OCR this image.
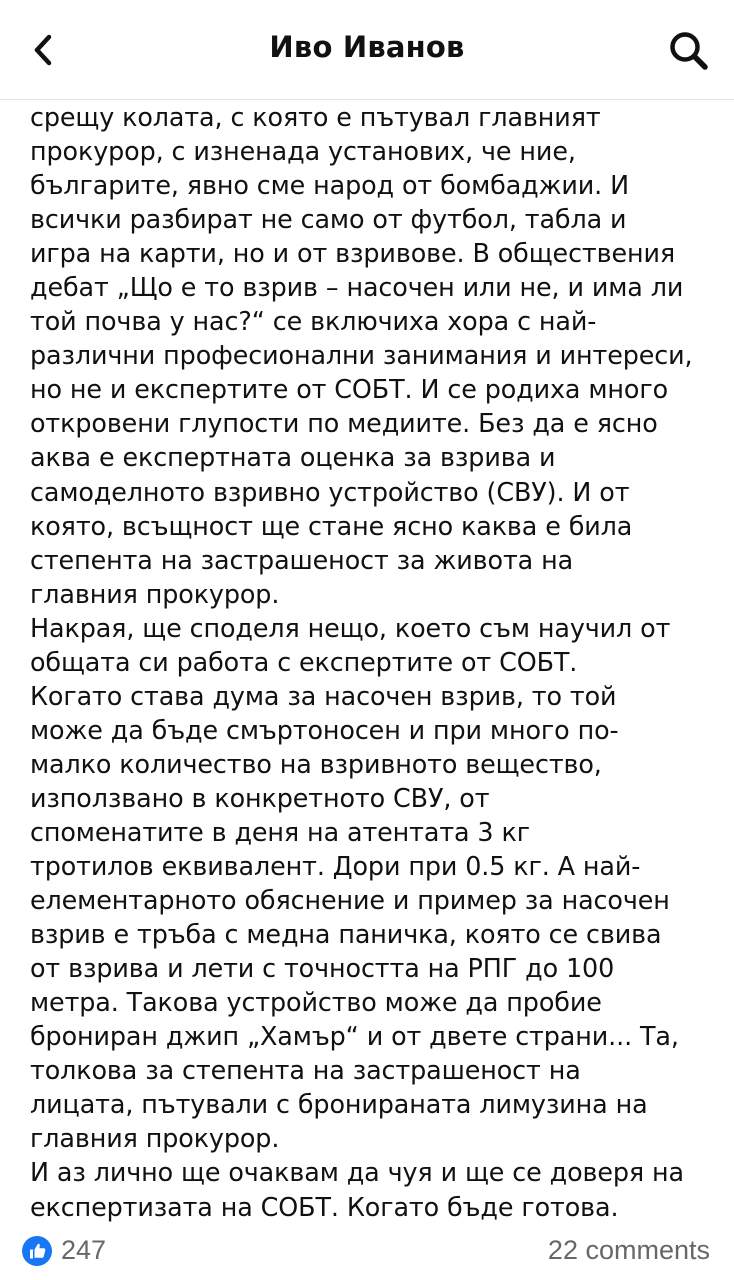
Иво Иванов
срещу колата, с която е пътувал главният
прокурор, с изненада установих, че ние,
българите, явно сме народ от бомбаджии. И
всички разбират не само от футбол, табла и
игра на карти, но и от взривове. В обществения
дебат „Що е то взрив – насочен или не, и има ли
той почва у нас?“ се включиха хора с най-
различни професионални занимания и интереси,
но не и експертите от СОБТ. И се родиха много
откровени глупости по медиите. Без да е ясно
аква е експертната оценка за взрива и
самоделното взривно устройство (СВУ). И от
която, всъщност ще стане ясно каква е била
степента на застрашеност за живота на
главния прокурор.
Накрая, ще споделя нещо, което съм научил от
общата си работа с експертите от СОБТ.
Когато става дума за насочен взрив, то той
може да бъде смъртоносен и при много по-
малко количество на взривното вещество,
използвано в конкретното СВУ, от
споменатите в деня на атентата 3 кг
тротилов еквивалент. Дори при 0.5 кг. А най-
елементарното обяснение и пример за насочен
взрив е тръба с медна паничка, която се свива
от взрива и лети с точността на РПГ до 100
метра. Такова устройство може да пробие
брониран джип „Хамър“ и от двете страни... Та,
толкова за степента на застрашеност на
лицата, пътували с бронираната лимузина на
главния прокурор.
И аз лично ще очаквам да чуя и ще се доверя на
експертизата на СОБТ. Когато бъде готова.
247	22 comments
